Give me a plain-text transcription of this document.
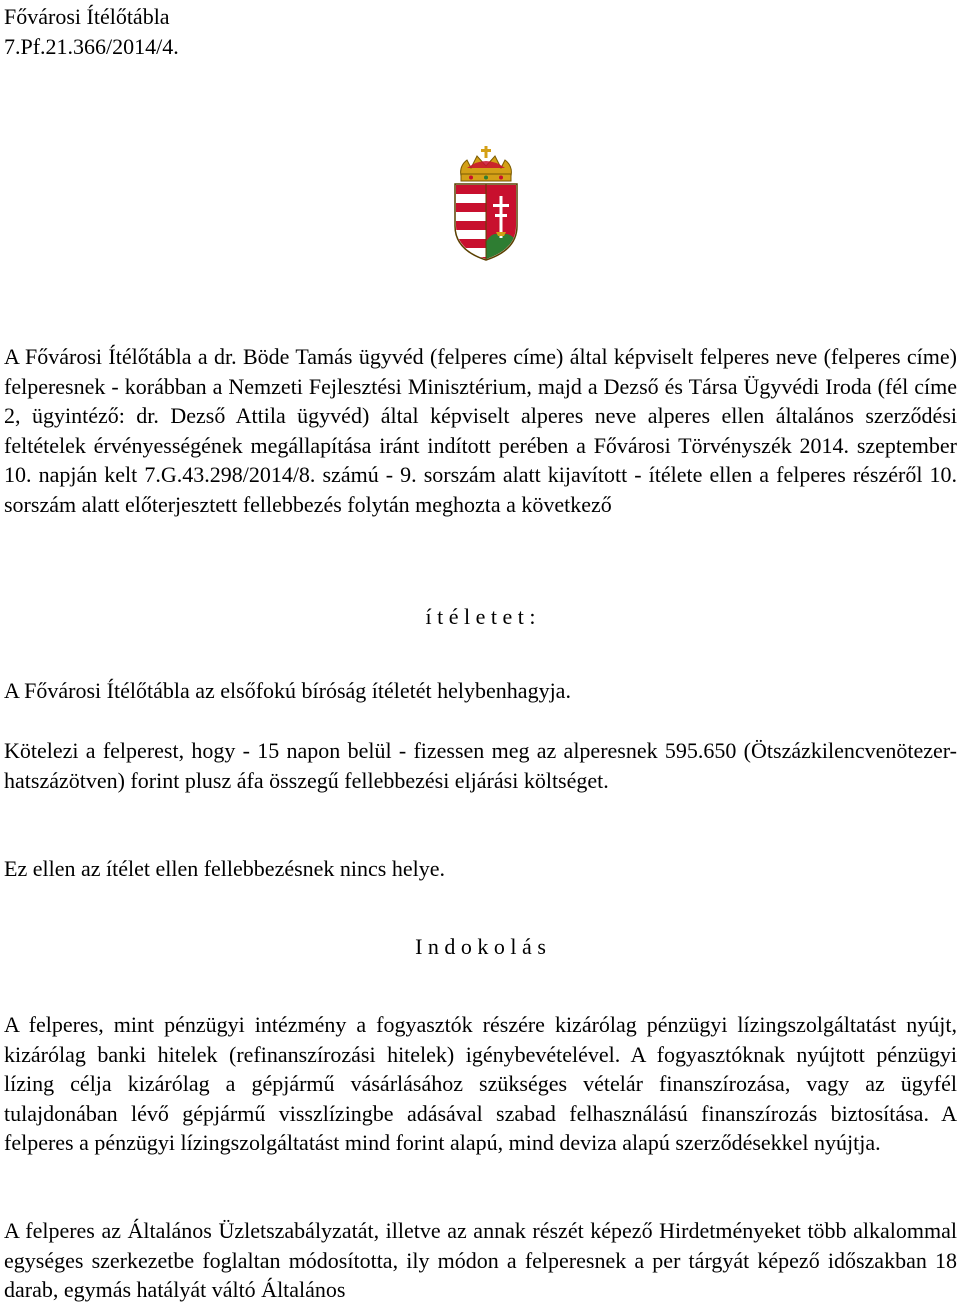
Fővárosi Ítélőtábla

7.Pf.21.366/2014/4.

A Fővárosi Ítélőtábla a dr. Böde Tamás ügyvéd (felperes címe) által képviselt felperes neve (felperes címe) felperesnek - korábban a Nemzeti Fejlesztési Minisztérium, majd a Dezső és Társa Ügyvédi Iroda (fél címe 2, ügyintéző: dr. Dezső Attila ügyvéd) által képviselt alperes neve alperes ellen általános szerződési feltételek érvényességének megállapítása iránt indított perében a Fővárosi Törvényszék 2014. szeptember 10. napján kelt 7.G.43.298/2014/8. számú - 9. sorszám alatt kijavított - ítélete ellen a felperes részéről 10. sorszám alatt előterjesztett fellebbezés folytán meghozta a következő

í t é l e t e t :

A Fővárosi Ítélőtábla az elsőfokú bíróság ítéletét helybenhagyja.

Kötelezi a felperest, hogy - 15 napon belül - fizessen meg az alperesnek 595.650 (Ötszázkilencvenötezer-hatszázötven) forint plusz áfa összegű fellebbezési eljárási költséget.

Ez ellen az ítélet ellen fellebbezésnek nincs helye.

I n d o k o l á s

A felperes, mint pénzügyi intézmény a fogyasztók részére kizárólag pénzügyi lízingszolgáltatást nyújt, kizárólag banki hitelek (refinanszírozási hitelek) igénybevételével. A fogyasztóknak nyújtott pénzügyi lízing célja kizárólag a gépjármű vásárlásához szükséges vételár finanszírozása, vagy az ügyfél tulajdonában lévő gépjármű visszlízingbe adásával szabad felhasználású finanszírozás biztosítása. A felperes a pénzügyi lízingszolgáltatást mind forint alapú, mind deviza alapú szerződésekkel nyújtja.

A felperes az Általános Üzletszabályzatát, illetve az annak részét képező Hirdetményeket több alkalommal egységes szerkezetbe foglaltan módosította, ily módon a felperesnek a per tárgyát képező időszakban 18 darab, egymás hatályát váltó Általános
